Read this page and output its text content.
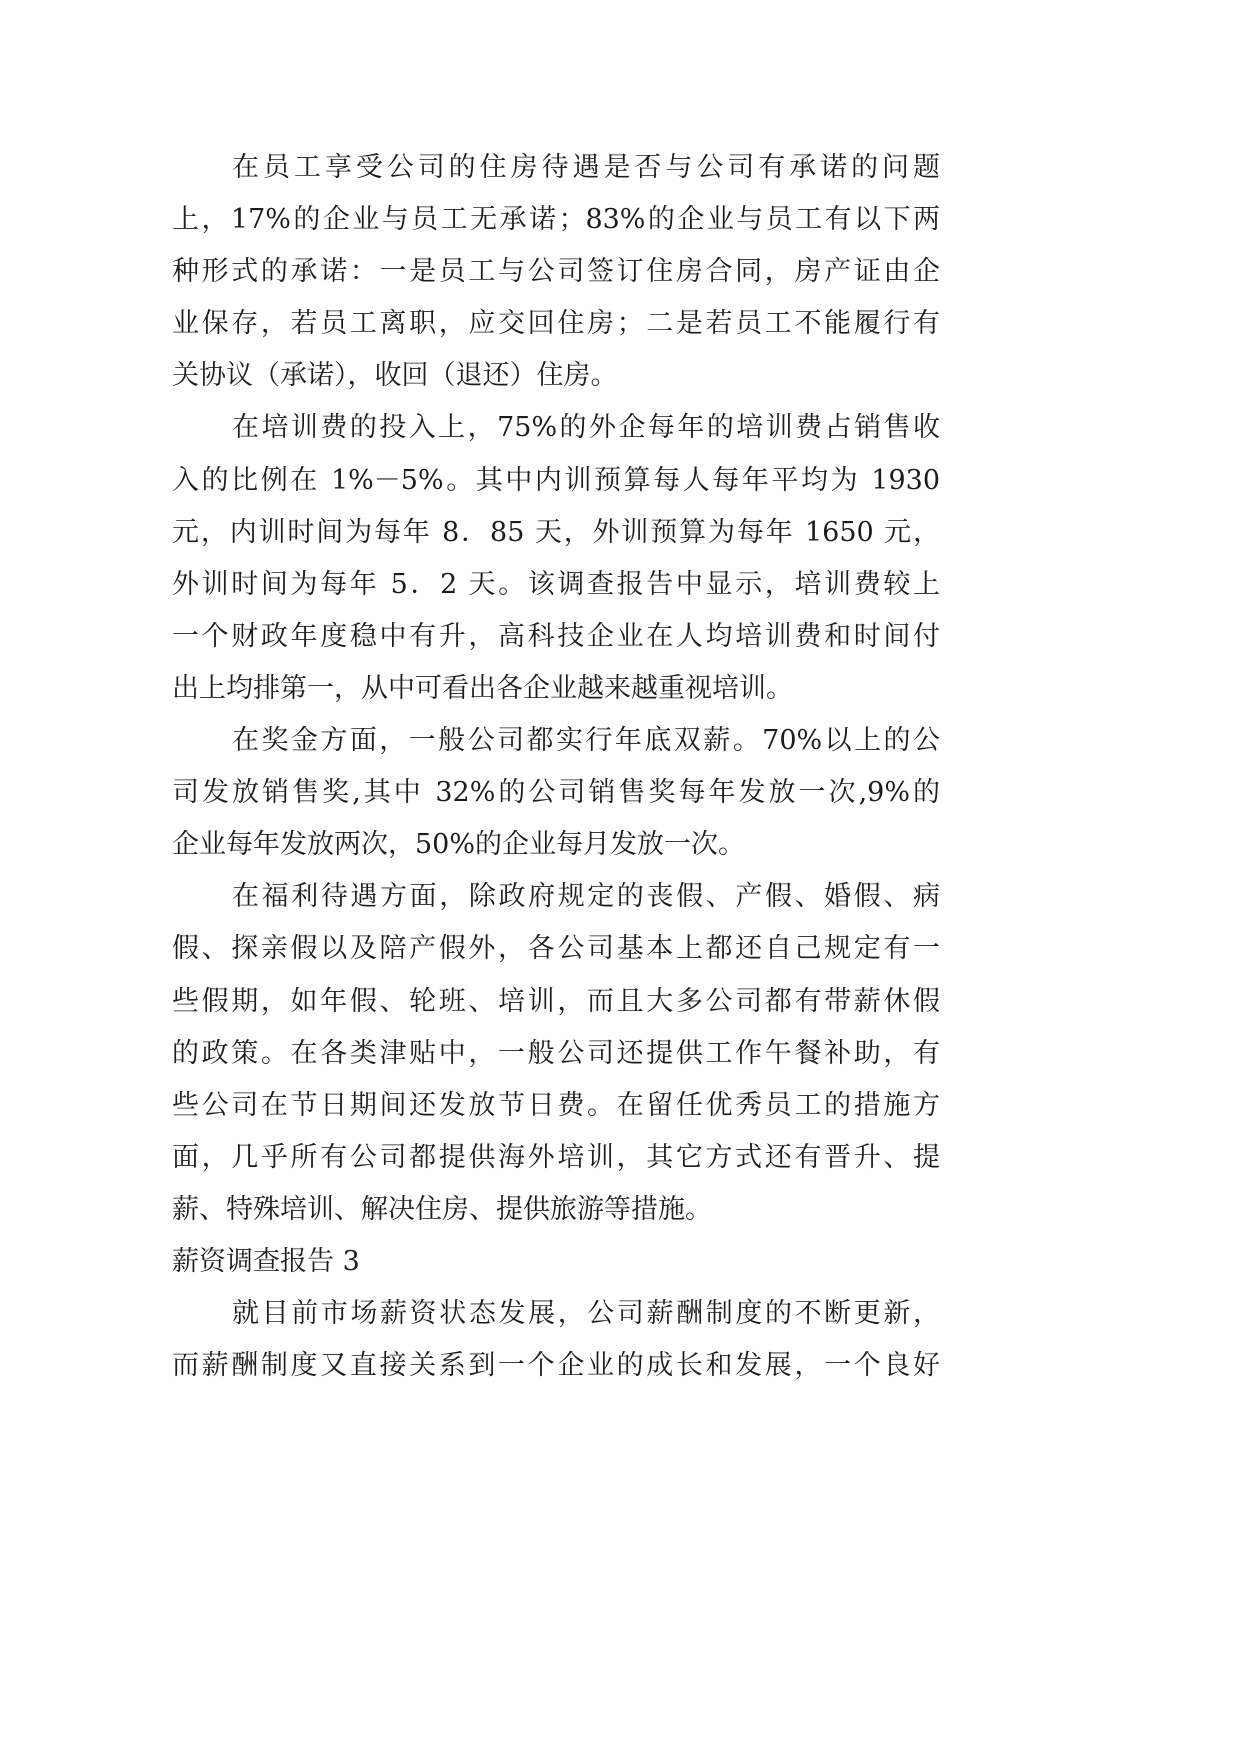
在员工享受公司的住房待遇是否与公司有承诺的问题
上，17%的企业与员工无承诺；83%的企业与员工有以下两
种形式的承诺：一是员工与公司签订住房合同，房产证由企
业保存，若员工离职，应交回住房；二是若员工不能履行有
关协议（承诺），收回（退还）住房。
在培训费的投入上，75%的外企每年的培训费占销售收
入的比例在 1%－5%。其中内训预算每人每年平均为 1930
元，内训时间为每年 8．85 天，外训预算为每年 1650 元，
外训时间为每年 5．2 天。该调查报告中显示，培训费较上
一个财政年度稳中有升，高科技企业在人均培训费和时间付
出上均排第一，从中可看出各企业越来越重视培训。
在奖金方面，一般公司都实行年底双薪。70%以上的公
司发放销售奖,其中 32%的公司销售奖每年发放一次,9%的
企业每年发放两次，50%的企业每月发放一次。
在福利待遇方面，除政府规定的丧假、产假、婚假、病
假、探亲假以及陪产假外，各公司基本上都还自己规定有一
些假期，如年假、轮班、培训，而且大多公司都有带薪休假
的政策。在各类津贴中，一般公司还提供工作午餐补助，有
些公司在节日期间还发放节日费。在留任优秀员工的措施方
面，几乎所有公司都提供海外培训，其它方式还有晋升、提
薪、特殊培训、解决住房、提供旅游等措施。
薪资调查报告 3
就目前市场薪资状态发展，公司薪酬制度的不断更新，
而薪酬制度又直接关系到一个企业的成长和发展，一个良好
